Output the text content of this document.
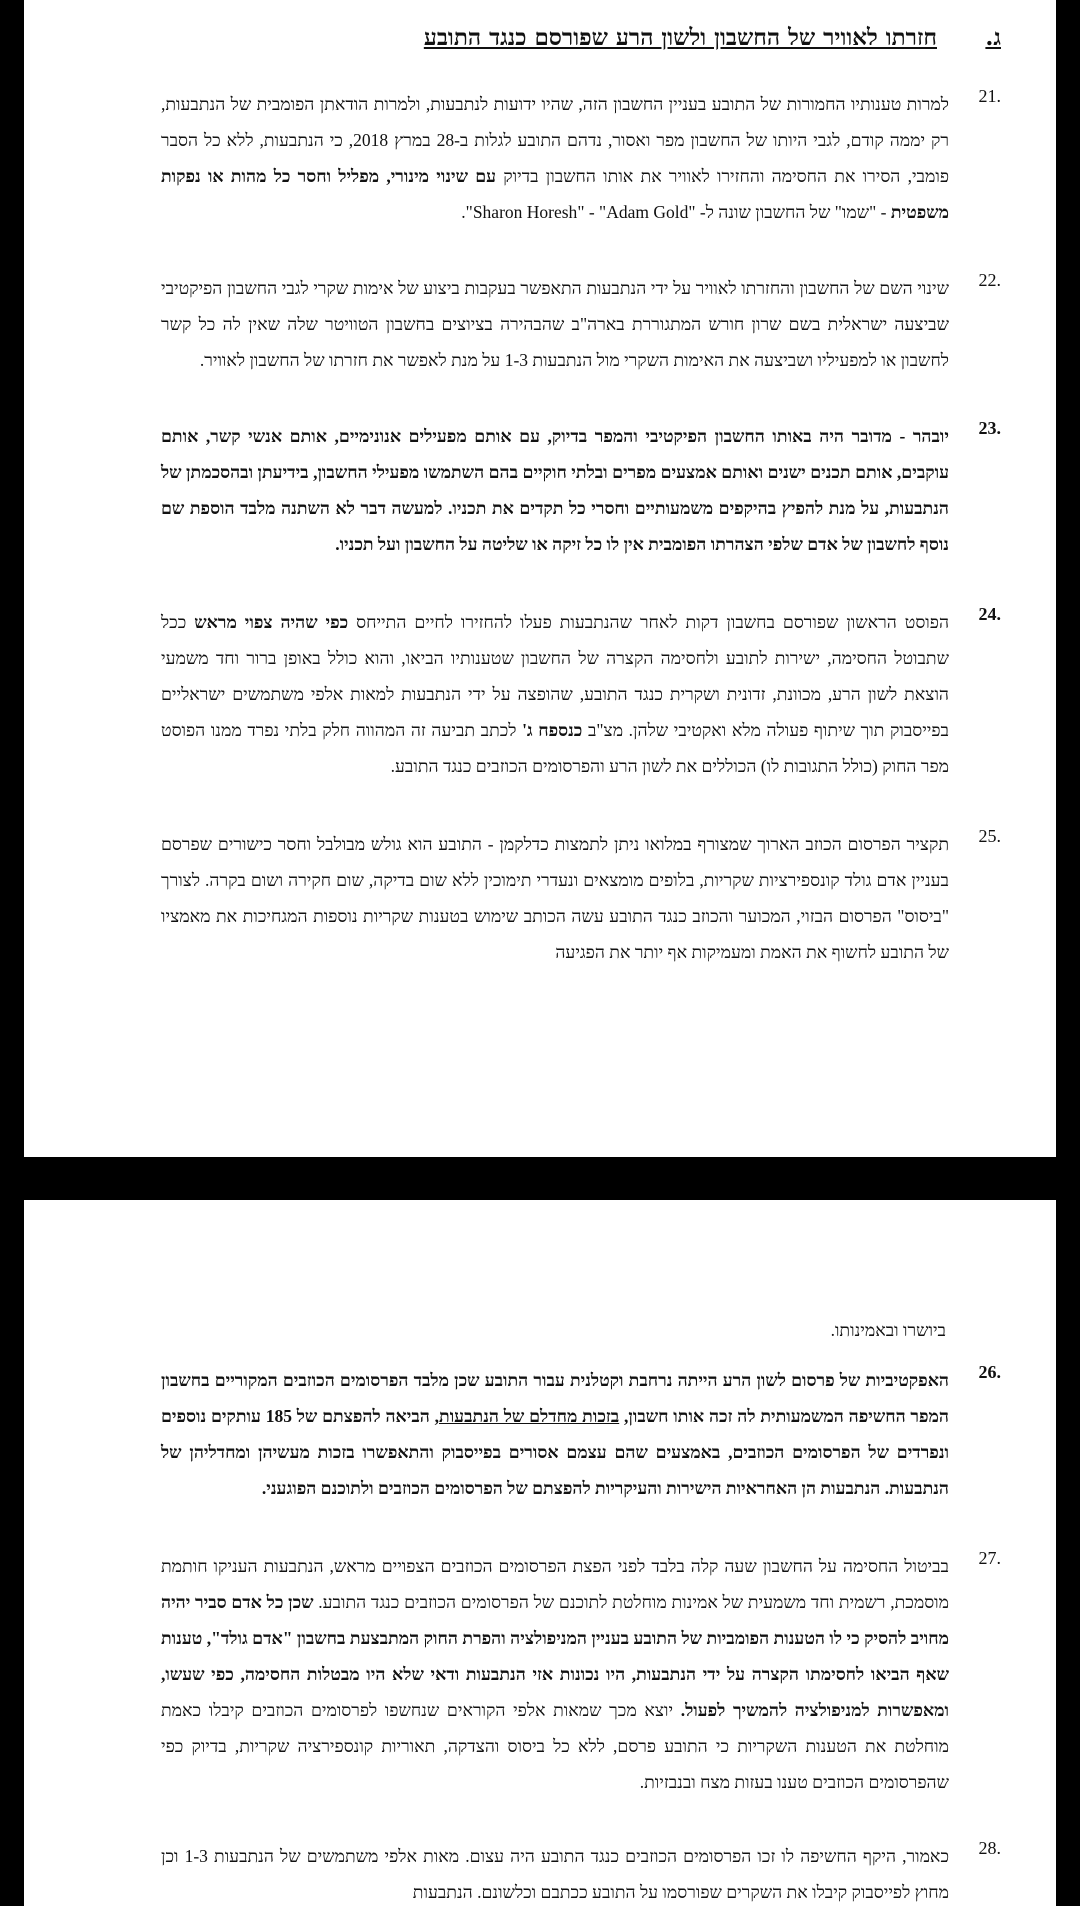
ג.
חזרתו לאוויר של החשבון ולשון הרע שפורסם כנגד התובע
21.
למרות טענותיו החמורות של התובע בעניין החשבון הזה, שהיו ידועות לנתבעות, ולמרות הודאתן הפומבית של הנתבעות, רק יממה קודם, לגבי היותו של החשבון מפר ואסור, נדהם התובע לגלות ב-28 במרץ 2018, כי הנתבעות, ללא כל הסבר פומבי, הסירו את החסימה והחזירו לאוויר את אותו החשבון בדיוק עם שינוי מינורי, מפליל וחסר כל מהות או נפקות משפטית - "שמו" של החשבון שונה ל- "Sharon Horesh" - "Adam Gold".
22.
שינוי השם של החשבון והחזרתו לאוויר על ידי הנתבעות התאפשר בעקבות ביצוע של אימות שקרי לגבי החשבון הפיקטיבי שביצעה ישראלית בשם שרון חורש המתגוררת בארה"ב שהבהירה בציוצים בחשבון הטוויטר שלה שאין לה כל קשר לחשבון או למפעיליו ושביצעה את האימות השקרי מול הנתבעות 1-3 על מנת לאפשר את חזרתו של החשבון לאוויר.
23.
יובהר - מדובר היה באותו החשבון הפיקטיבי והמפר בדיוק, עם אותם מפעילים אנונימיים, אותם אנשי קשר, אותם עוקבים, אותם תכנים ישנים ואותם אמצעים מפרים ובלתי חוקיים בהם השתמשו מפעילי החשבון, בידיעתן ובהסכמתן של הנתבעות, על מנת להפיץ בהיקפים משמעותיים וחסרי כל תקדים את תכניו. למעשה דבר לא השתנה מלבד הוספת שם נוסף לחשבון של אדם שלפי הצהרתו הפומבית אין לו כל זיקה או שליטה על החשבון ועל תכניו.
24.
הפוסט הראשון שפורסם בחשבון דקות לאחר שהנתבעות פעלו להחזירו לחיים התייחס כפי שהיה צפוי מראש ככל שתבוטל החסימה, ישירות לתובע ולחסימה הקצרה של החשבון שטענותיו הביאו, והוא כולל באופן ברור וחד משמעי הוצאת לשון הרע, מכוונת, זדונית ושקרית כנגד התובע, שהופצה על ידי הנתבעות למאות אלפי משתמשים ישראליים בפייסבוק תוך שיתוף פעולה מלא ואקטיבי שלהן. מצ"ב כנספח ג' לכתב תביעה זה המהווה חלק בלתי נפרד ממנו הפוסט מפר החוק (כולל התגובות לו) הכוללים את לשון הרע והפרסומים הכוזבים כנגד התובע.
25.
תקציר הפרסום הכוזב הארוך שמצורף במלואו ניתן לתמצות כדלקמן - התובע הוא גולש מבולבל וחסר כישורים שפרסם בעניין אדם גולד קונספירציות שקריות, בלופים מומצאים ונעדרי תימוכין ללא שום בדיקה, שום חקירה ושום בקרה. לצורך "ביסוס" הפרסום הבזוי, המכוער והכוזב כנגד התובע עשה הכותב שימוש בטענות שקריות נוספות המגחיכות את מאמציו של התובע לחשוף את האמת ומעמיקות אף יותר את הפגיעה
ביושרו ובאמינותו.
26.
האפקטיביות של פרסום לשון הרע הייתה נרחבת וקטלנית עבור התובע שכן מלבד הפרסומים הכוזבים המקוריים בחשבון המפר החשיפה המשמעותית לה זכה אותו חשבון, בזכות מחדלם של הנתבעות, הביאה להפצתם של 185 עותקים נוספים ונפרדים של הפרסומים הכוזבים, באמצעים שהם עצמם אסורים בפייסבוק והתאפשרו בזכות מעשיהן ומחדליהן של הנתבעות. הנתבעות הן האחראיות הישירות והעיקריות להפצתם של הפרסומים הכוזבים ולתוכנם הפוגעני.
27.
בביטול החסימה על החשבון שעה קלה בלבד לפני הפצת הפרסומים הכוזבים הצפויים מראש, הנתבעות העניקו חותמת מוסמכת, רשמית וחד משמעית של אמינות מוחלטת לתוכנם של הפרסומים הכוזבים כנגד התובע. שכן כל אדם סביר יהיה מחויב להסיק כי לו הטענות הפומביות של התובע בעניין המניפולציה והפרת החוק המתבצעת בחשבון "אדם גולד", טענות שאף הביאו לחסימתו הקצרה על ידי הנתבעות, היו נכונות אזי הנתבעות ודאי שלא היו מבטלות החסימה, כפי שעשו, ומאפשרות למניפולציה להמשיך לפעול. יוצא מכך שמאות אלפי הקוראים שנחשפו לפרסומים הכוזבים קיבלו כאמת מוחלטת את הטענות השקריות כי התובע פרסם, ללא כל ביסוס והצדקה, תאוריות קונספירציה שקריות, בדיוק כפי שהפרסומים הכוזבים טענו בעזות מצח ובנבזיות.
28.
כאמור, היקף החשיפה לו זכו הפרסומים הכוזבים כנגד התובע היה עצום. מאות אלפי משתמשים של הנתבעות 1-3 וכן מחוץ לפייסבוק קיבלו את השקרים שפורסמו על התובע ככתבם וכלשונם. הנתבעות
